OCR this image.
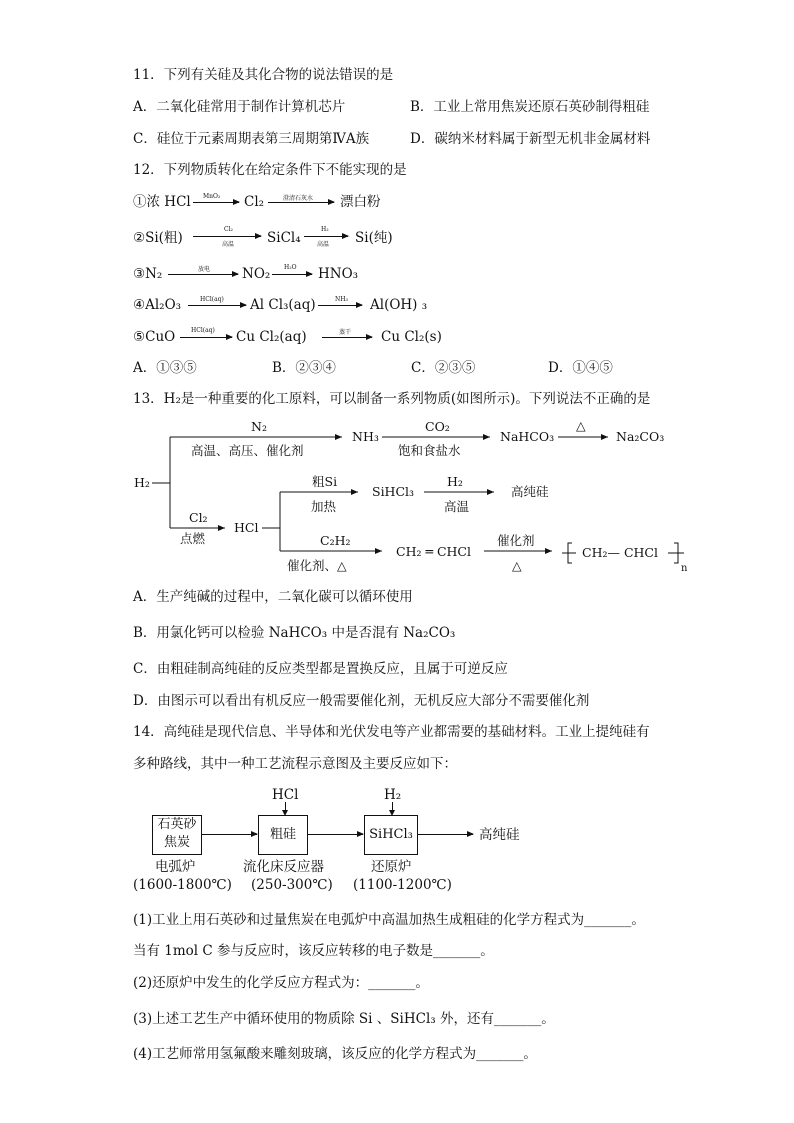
11．下列有关硅及其化合物的说法错误的是
A．二氧化硅常用于制作计算机芯片	B．工业上常用焦炭还原石英砂制得粗硅
C．硅位于元素周期表第三周期第ⅣA族	D．碳纳米材料属于新型无机非金属材料
12．下列物质转化在给定条件下不能实现的是
①浓 HCl MnO₂ Cl₂	澄清石灰水 漂白粉
②Si(粗)
Cl₂
高温 SiCl₄
H₂
高温 Si(纯)
③N₂	放电 NO₂ H₂O HNO₃
④Al₂O₃	HCl(aq) Al Cl₃(aq)	NH₃ Al(OH) ₃
⑤CuO	HCl(aq) Cu Cl₂(aq)	蒸干 Cu Cl₂(s)
A．①③⑤	B．②③④	C．②③⑤	D．①④⑤
13．H₂是一种重要的化工原料，可以制备一系列物质(如图所示)。下列说法不正确的是
H₂
N₂
高温、高压、催化剂
NH₃
CO₂
饱和食盐水
NaHCO₃
△
Na₂CO₃
Cl₂
点燃
HCl
粗Si
加热
SiHCl₃
H₂
高温
高纯硅
C₂H₂
催化剂、△
CH₂ ═ CHCl
催化剂
△
CH₂— CHCl
n
A．生产纯碱的过程中，二氧化碳可以循环使用
B．用氯化钙可以检验 NaHCO₃ 中是否混有 Na₂CO₃
C．由粗硅制高纯硅的反应类型都是置换反应，且属于可逆反应
D．由图示可以看出有机反应一般需要催化剂，无机反应大部分不需要催化剂
14．高纯硅是现代信息、半导体和光伏发电等产业都需要的基础材料。工业上提纯硅有
多种路线，其中一种工艺流程示意图及主要反应如下：
石英砂
焦炭
粗硅	SiHCl₃	高纯硅
HCl	H₂
电弧炉
(1600-1800℃)
流化床反应器
(250-300℃)
还原炉
(1100-1200℃)
(1)工业上用石英砂和过量焦炭在电弧炉中高温加热生成粗硅的化学方程式为_______。
当有 1mol C 参与反应时，该反应转移的电子数是_______。
(2)还原炉中发生的化学反应方程式为：_______。
(3)上述工艺生产中循环使用的物质除 Si 、SiHCl₃ 外，还有_______。
(4)工艺师常用氢氟酸来雕刻玻璃，该反应的化学方程式为_______。
